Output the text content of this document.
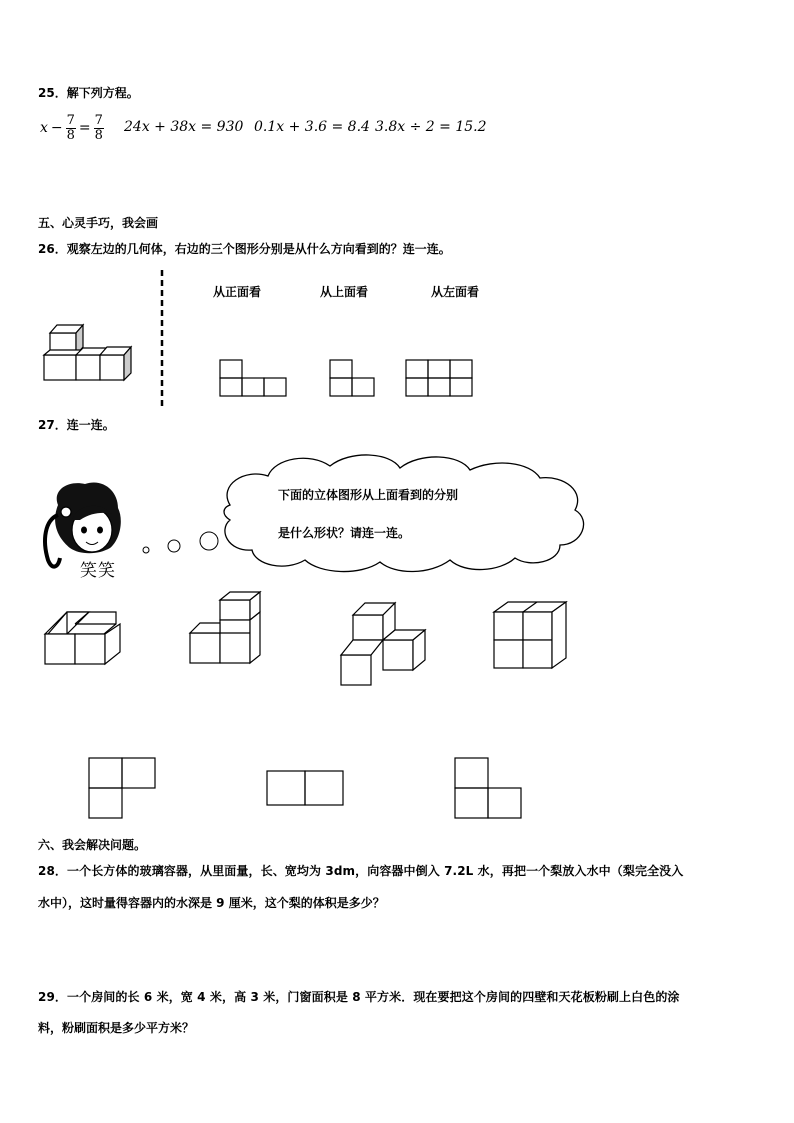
25．解下列方程。
$x - \frac{7}{8} = \frac{7}{8} 24x + 38x = 930$ 0.1x + 3.6 = 8.4 3.8x ÷ 2 = 15.2
五、心灵手巧，我会画
26．观察左边的几何体，右边的三个图形分别是从什么方向看到的？连一连。
从正面看	从上面看	从左面看
27．连一连。
下面的立体图形从上面看到的分别
是什么形状？请连一连。
笑笑
六、我会解决问题。
28．一个长方体的玻璃容器，从里面量，长、宽均为 3dm，向容器中倒入 7.2L 水，再把一个梨放入水中（梨完全没入
水中），这时量得容器内的水深是 9 厘米，这个梨的体积是多少？
29．一个房间的长 6 米，宽 4 米，高 3 米，门窗面积是 8 平方米．现在要把这个房间的四壁和天花板粉刷上白色的涂
料，粉刷面积是多少平方米？
